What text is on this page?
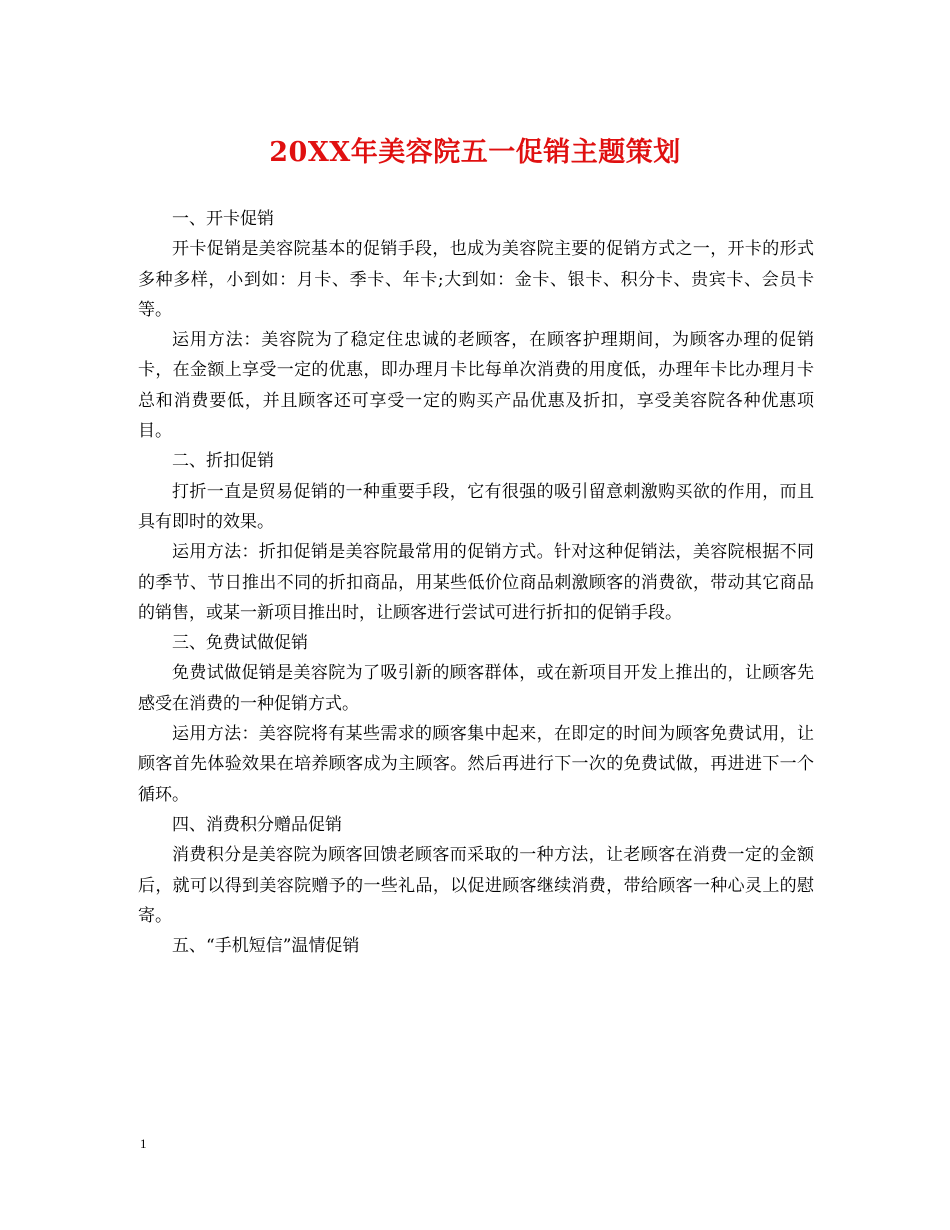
20XX年美容院五一促销主题策划

一、开卡促销

开卡促销是美容院基本的促销手段，也成为美容院主要的促销方式之一，开卡的形式多种多样，小到如：月卡、季卡、年卡;大到如：金卡、银卡、积分卡、贵宾卡、会员卡等。

运用方法：美容院为了稳定住忠诚的老顾客，在顾客护理期间，为顾客办理的促销卡，在金额上享受一定的优惠，即办理月卡比每单次消费的用度低，办理年卡比办理月卡总和消费要低，并且顾客还可享受一定的购买产品优惠及折扣，享受美容院各种优惠项目。

二、折扣促销

打折一直是贸易促销的一种重要手段，它有很强的吸引留意刺激购买欲的作用，而且具有即时的效果。

运用方法：折扣促销是美容院最常用的促销方式。针对这种促销法，美容院根据不同的季节、节日推出不同的折扣商品，用某些低价位商品刺激顾客的消费欲，带动其它商品的销售，或某一新项目推出时，让顾客进行尝试可进行折扣的促销手段。

三、免费试做促销

免费试做促销是美容院为了吸引新的顾客群体，或在新项目开发上推出的，让顾客先感受在消费的一种促销方式。

运用方法：美容院将有某些需求的顾客集中起来，在即定的时间为顾客免费试用，让顾客首先体验效果在培养顾客成为主顾客。然后再进行下一次的免费试做，再进进下一个循环。

四、消费积分赠品促销

消费积分是美容院为顾客回馈老顾客而采取的一种方法，让老顾客在消费一定的金额后，就可以得到美容院赠予的一些礼品，以促进顾客继续消费，带给顾客一种心灵上的慰寄。

五、“手机短信”温情促销

1
